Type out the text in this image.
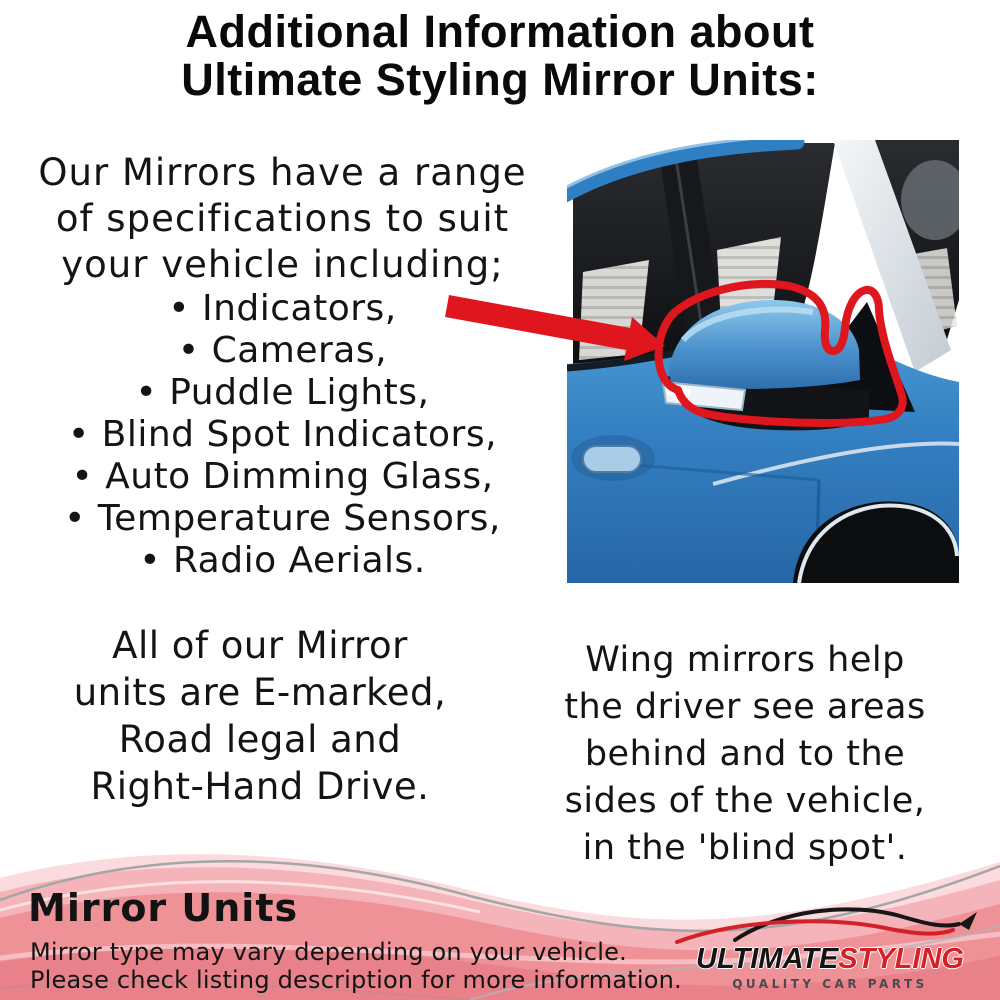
Additional Information about
Ultimate Styling Mirror Units:
Our Mirrors have a range
of specifications to suit
your vehicle including;
• Indicators,
• Cameras,
• Puddle Lights,
• Blind Spot Indicators,
• Auto Dimming Glass,
• Temperature Sensors,
• Radio Aerials.
All of our Mirror
units are E-marked,
Road legal and
Right-Hand Drive.
Wing mirrors help
the driver see areas
behind and to the
sides of the vehicle,
in the 'blind spot'.
Mirror Units
Mirror type may vary depending on your vehicle.
Please check listing description for more information.
ULTIMATESTYLING
QUALITY CAR PARTS
